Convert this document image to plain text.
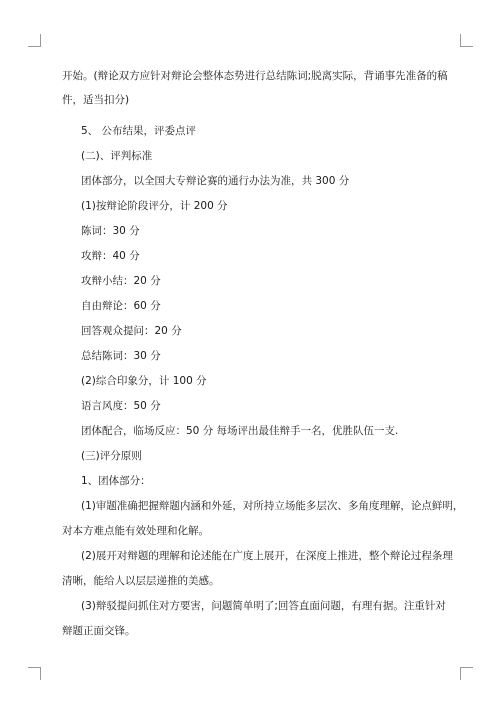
开始。(辩论双方应针对辩论会整体态势进行总结陈词;脱离实际，背诵事先准备的稿
件，适当扣分)
5、 公布结果，评委点评
(二)、评判标准
团体部分，以全国大专辩论赛的通行办法为准，共 300 分
(1)按辩论阶段评分，计 200 分
陈词：30 分
攻辩：40 分
攻辩小结：20 分
自由辩论：60 分
回答观众提问：20 分
总结陈词：30 分
(2)综合印象分，计 100 分
语言风度：50 分
团体配合，临场反应：50 分 每场评出最佳辩手一名，优胜队伍一支.
(三)评分原则
1、团体部分：
(1)审题准确把握辩题内涵和外延，对所持立场能多层次、多角度理解，论点鲜明，
对本方难点能有效处理和化解。
(2)展开对辩题的理解和论述能在广度上展开，在深度上推进，整个辩论过程条理
清晰，能给人以层层递推的美感。
(3)辩驳提问抓住对方要害，问题简单明了;回答直面问题，有理有据。注重针对
辩题正面交锋。
